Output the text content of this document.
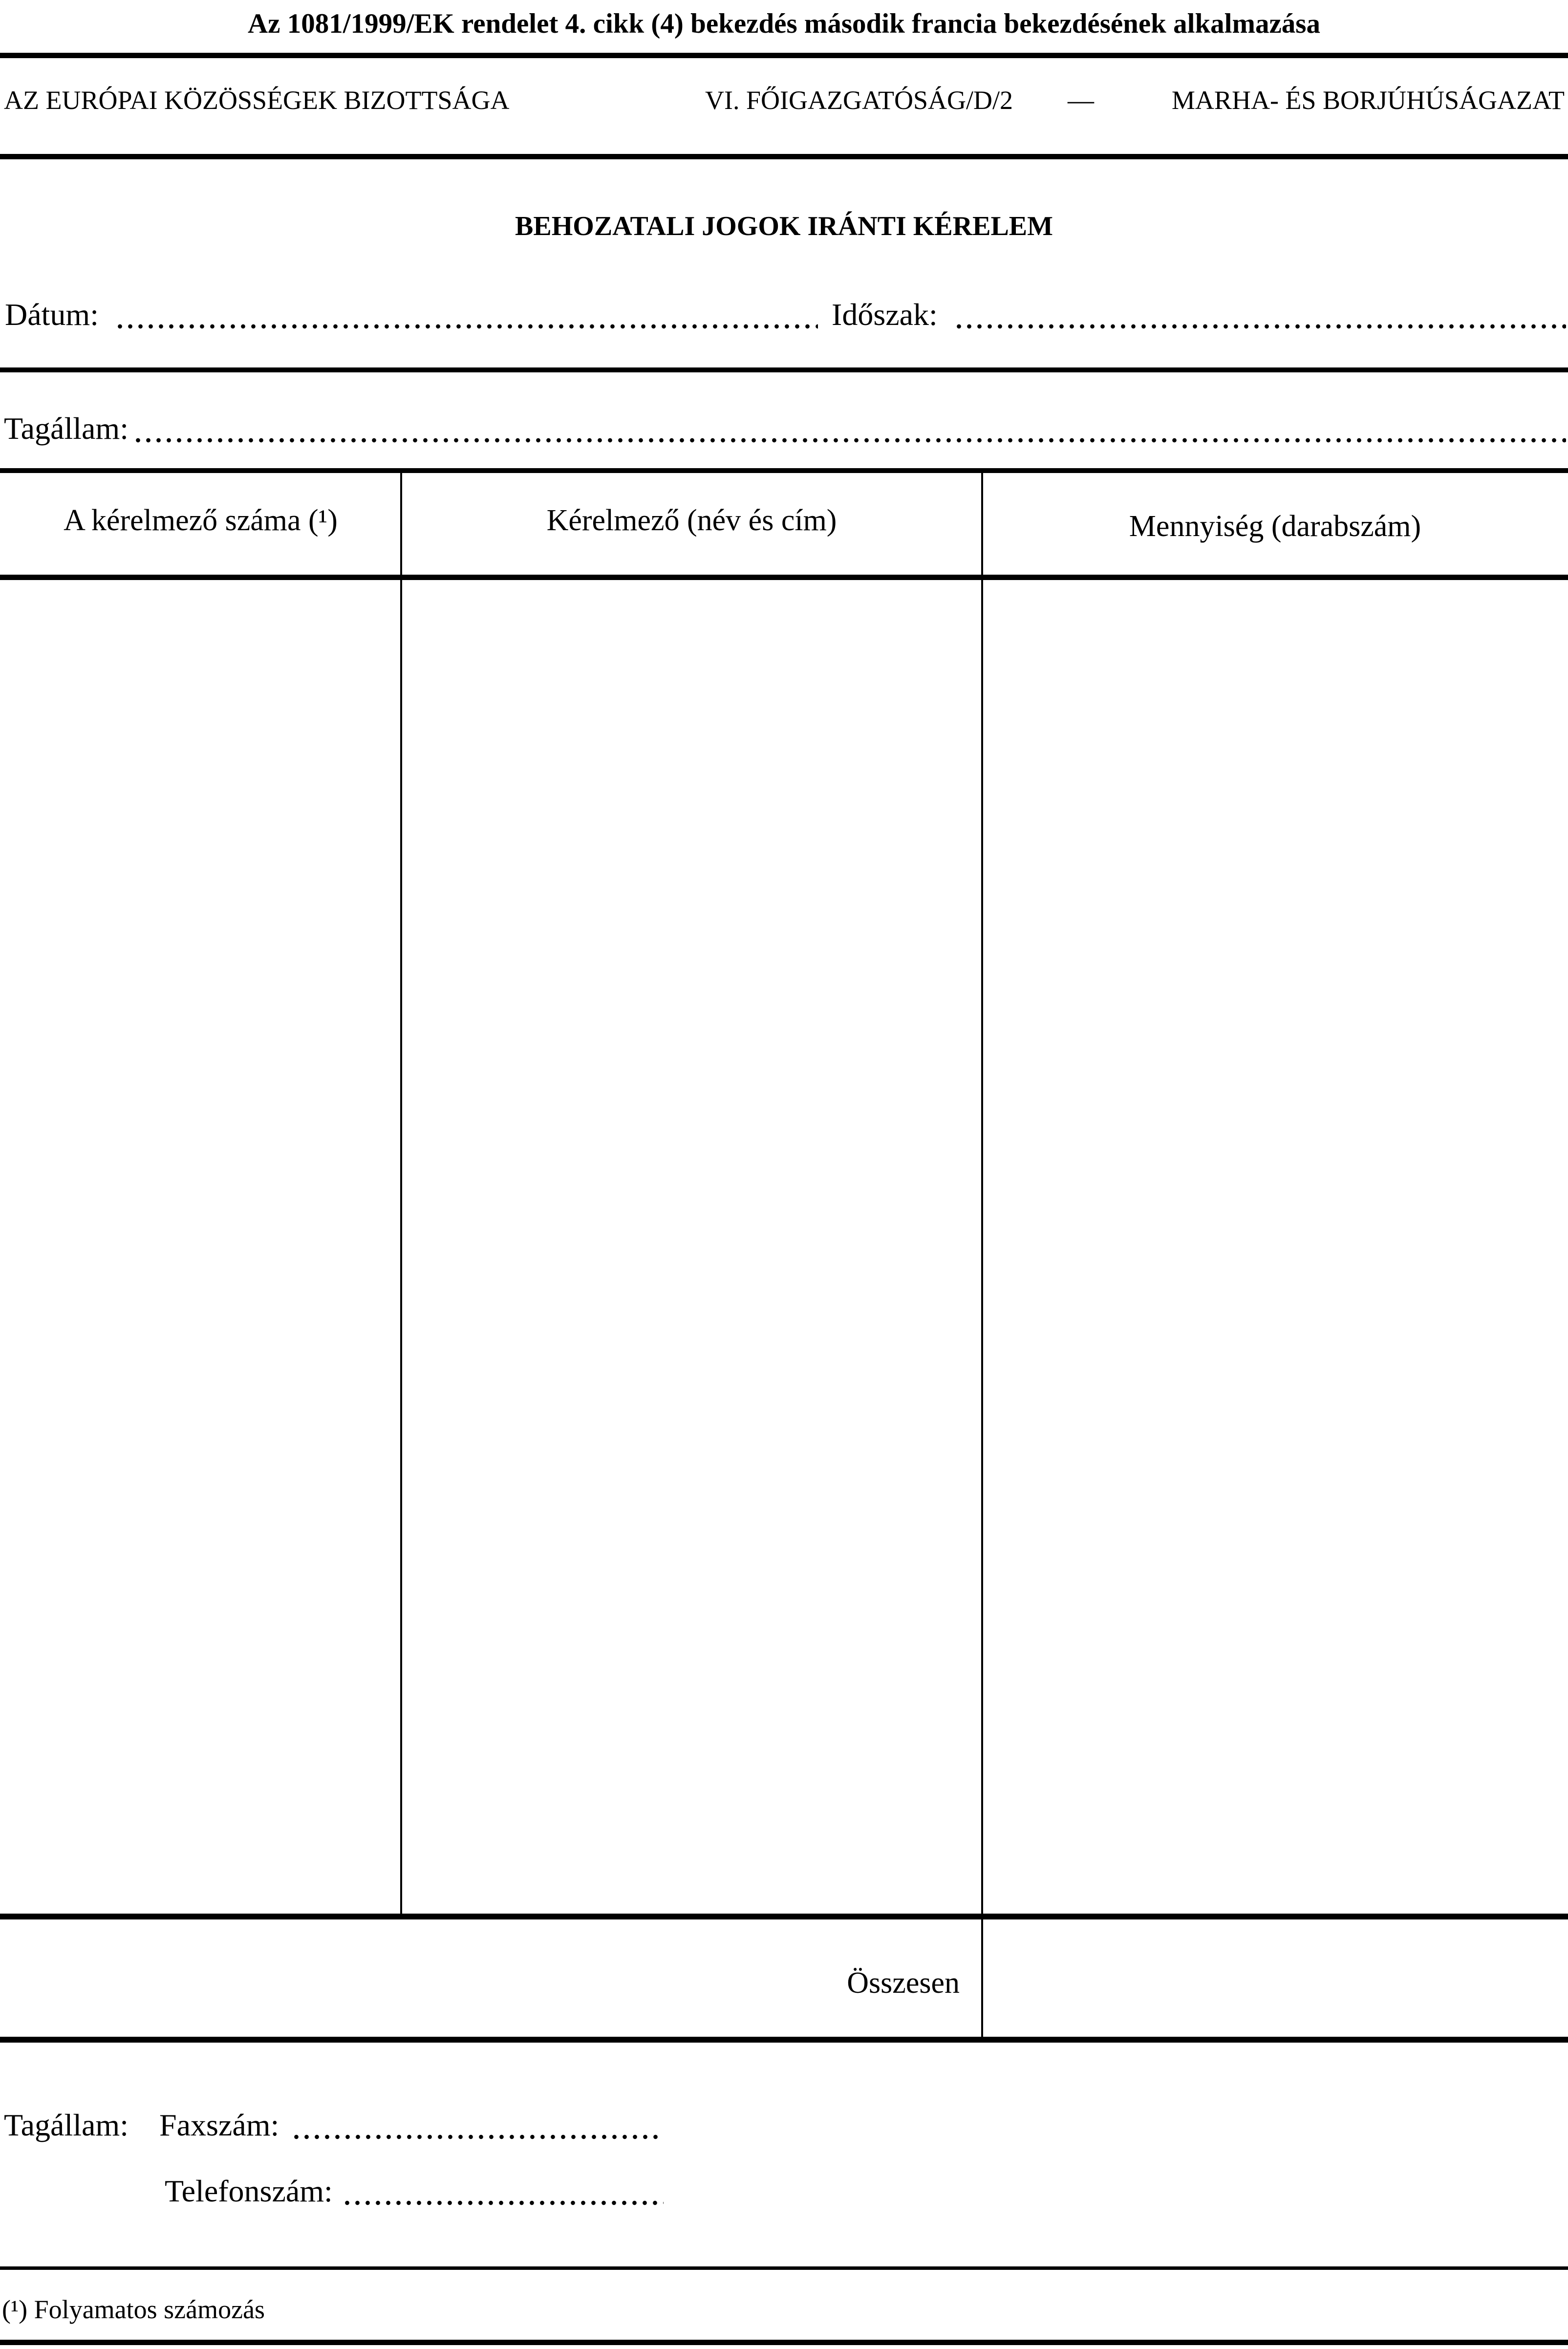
Az 1081/1999/EK rendelet 4. cikk (4) bekezdés második francia bekezdésének alkalmazása
AZ EURÓPAI KÖZÖSSÉGEK BIZOTTSÁGA	VI. FŐIGAZGATÓSÁG/D/2	—	MARHA- ÉS BORJÚHÚSÁGAZAT
BEHOZATALI JOGOK IRÁNTI KÉRELEM
Dátum:	Időszak:
Tagállam:
A kérelmező száma (¹)	Kérelmező (név és cím)	Mennyiség (darabszám)
Összesen
Tagállam: Faxszám:
Telefonszám:
(¹) Folyamatos számozás
